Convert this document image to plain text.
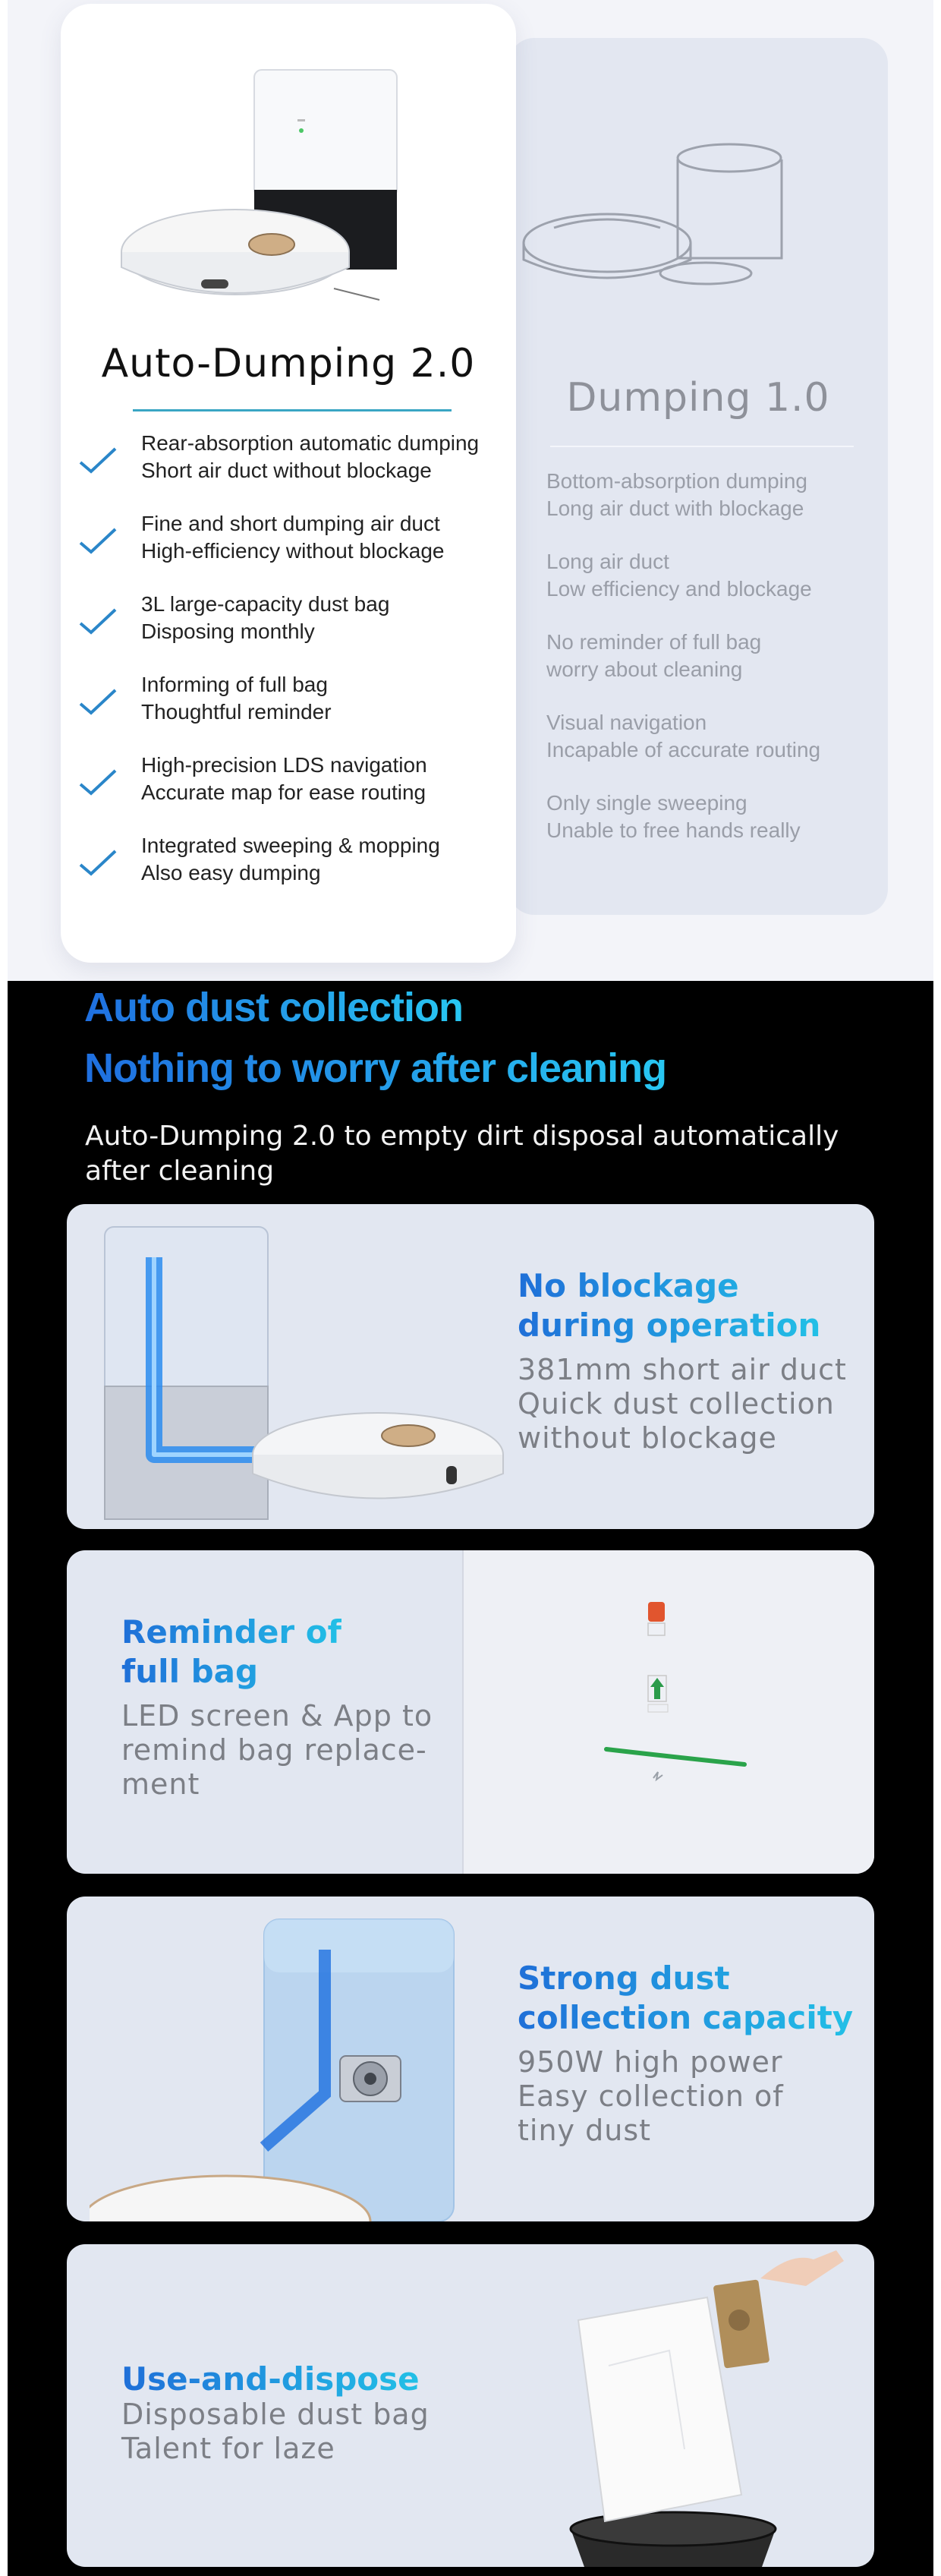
Dumping 1.0
Bottom-absorption dumping
Long air duct with blockage
Long air duct
Low efficiency and blockage
No reminder of full bag
worry about cleaning
Visual navigation
Incapable of accurate routing
Only single sweeping
Unable to free hands really
Auto-Dumping 2.0
Rear-absorption automatic dumping
Short air duct without blockage
Fine and short dumping air duct
High-efficiency without blockage
3L large-capacity dust bag
Disposing monthly
Informing of full bag
Thoughtful reminder
High-precision LDS navigation
Accurate map for ease routing
Integrated sweeping & mopping
Also easy dumping
Auto dust collection
Nothing to worry after cleaning
Auto-Dumping 2.0 to empty dirt disposal automatically after cleaning
No blockage
during operation
381mm short air duct
Quick dust collection
without blockage
Reminder of
full bag
LED screen & App to
remind bag replace-
ment
Strong dust
collection capacity
950W high power
Easy collection of
tiny dust
Use-and-dispose
Disposable dust bag
Talent for laze
